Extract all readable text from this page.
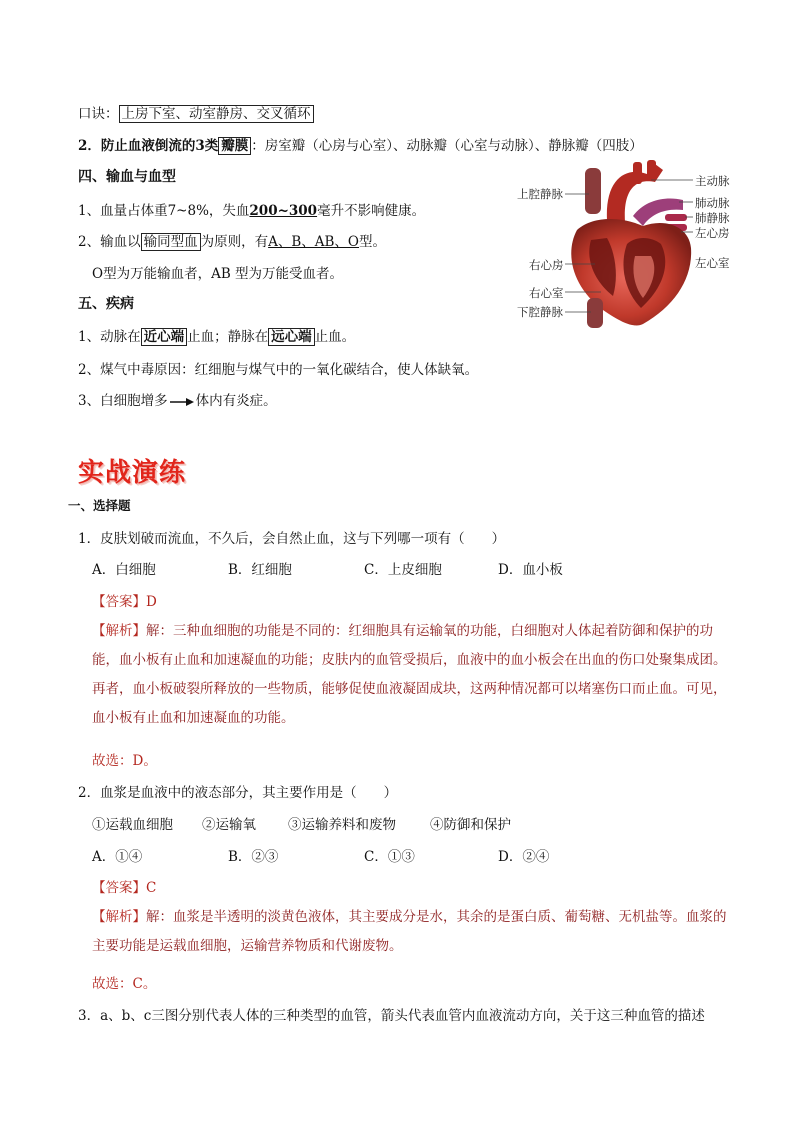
口诀： 上房下室、动室静房、交叉循环
2．防止血液倒流的3类 瓣膜 ：房室瓣（心房与心室）、动脉瓣（心室与动脉）、静脉瓣（四肢）
四、输血与血型
1、血量占体重7~8%，失血200~300毫升不影响健康。
2、输血以 输同型血 为原则，有A、B、AB、O型。
O型为万能输血者，AB 型为万能受血者。
五、疾病
1、动脉在 近心端 止血；静脉在 远心端 止血。
2、煤气中毒原因：红细胞与煤气中的一氧化碳结合，使人体缺氧。
3、白细胞增多 体内有炎症。
上腔静脉
主动脉
肺动脉
肺静脉
左心房
右心房	左心室
右心室
下腔静脉
实战演练
一、选择题
1．皮肤划破而流血，不久后，会自然止血，这与下列哪一项有（　　）
A．白细胞	B．红细胞	C．上皮细胞	D．血小板
【答案】D
【解析】解：三种血细胞的功能是不同的：红细胞具有运输氧的功能，白细胞对人体起着防御和保护的功能，血小板有止血和加速凝血的功能；皮肤内的血管受损后，血液中的血小板会在出血的伤口处聚集成团。再者，血小板破裂所释放的一些物质，能够促使血液凝固成块，这两种情况都可以堵塞伤口而止血。可见，血小板有止血和加速凝血的功能。
故选：D。
2．血浆是血液中的液态部分，其主要作用是（　　）
①运载血细胞 ②运输氧 ③运输养料和废物	④防御和保护
A．①④	B．②③	C．①③	D．②④
【答案】C
【解析】解：血浆是半透明的淡黄色液体，其主要成分是水，其余的是蛋白质、葡萄糖、无机盐等。血浆的主要功能是运载血细胞，运输营养物质和代谢废物。
故选：C。
3．a、b、c三图分别代表人体的三种类型的血管，箭头代表血管内血液流动方向，关于这三种血管的描述
